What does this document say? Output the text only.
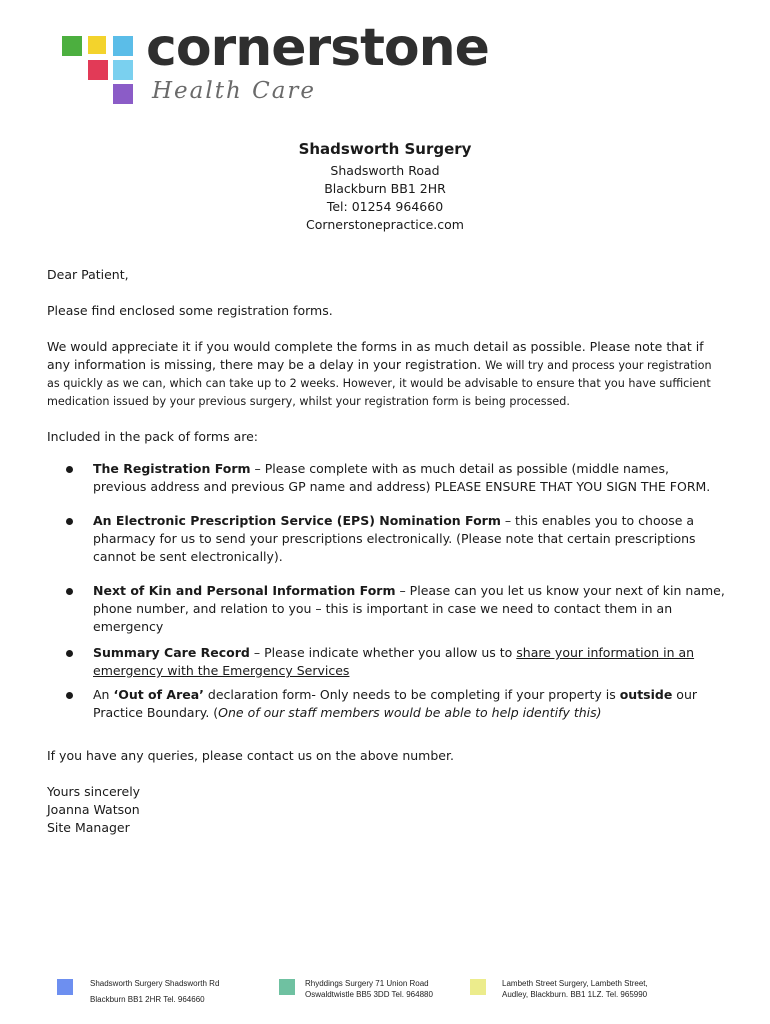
cornerstone
Health Care
Shadsworth Surgery
Shadsworth Road
Blackburn BB1 2HR
Tel: 01254 964660
Cornerstonepractice.com

Dear Patient,

Please find enclosed some registration forms.

We would appreciate it if you would complete the forms in as much detail as possible. Please note that if any information is missing, there may be a delay in your registration. We will try and process your registration as quickly as we can, which can take up to 2 weeks. However, it would be advisable to ensure that you have sufficient medication issued by your previous surgery, whilst your registration form is being processed.

Included in the pack of forms are:

The Registration Form – Please complete with as much detail as possible (middle names, previous address and previous GP name and address) PLEASE ENSURE THAT YOU SIGN THE FORM.
An Electronic Prescription Service (EPS) Nomination Form – this enables you to choose a pharmacy for us to send your prescriptions electronically. (Please note that certain prescriptions cannot be sent electronically).
Next of Kin and Personal Information Form – Please can you let us know your next of kin name, phone number, and relation to you – this is important in case we need to contact them in an emergency
Summary Care Record – Please indicate whether you allow us to share your information in an emergency with the Emergency Services
An ‘Out of Area’ declaration form- Only needs to be completing if your property is outside our Practice Boundary. (One of our staff members would be able to help identify this)

If you have any queries, please contact us on the above number.

Yours sincerely

Joanna Watson

Site Manager

Shadsworth Surgery Shadsworth Rd
Blackburn BB1 2HR Tel. 964660
Rhyddings Surgery 71 Union Road
Oswaldtwistle BB5 3DD Tel. 964880
Lambeth Street Surgery, Lambeth Street,
Audley, Blackburn. BB1 1LZ. Tel. 965990
